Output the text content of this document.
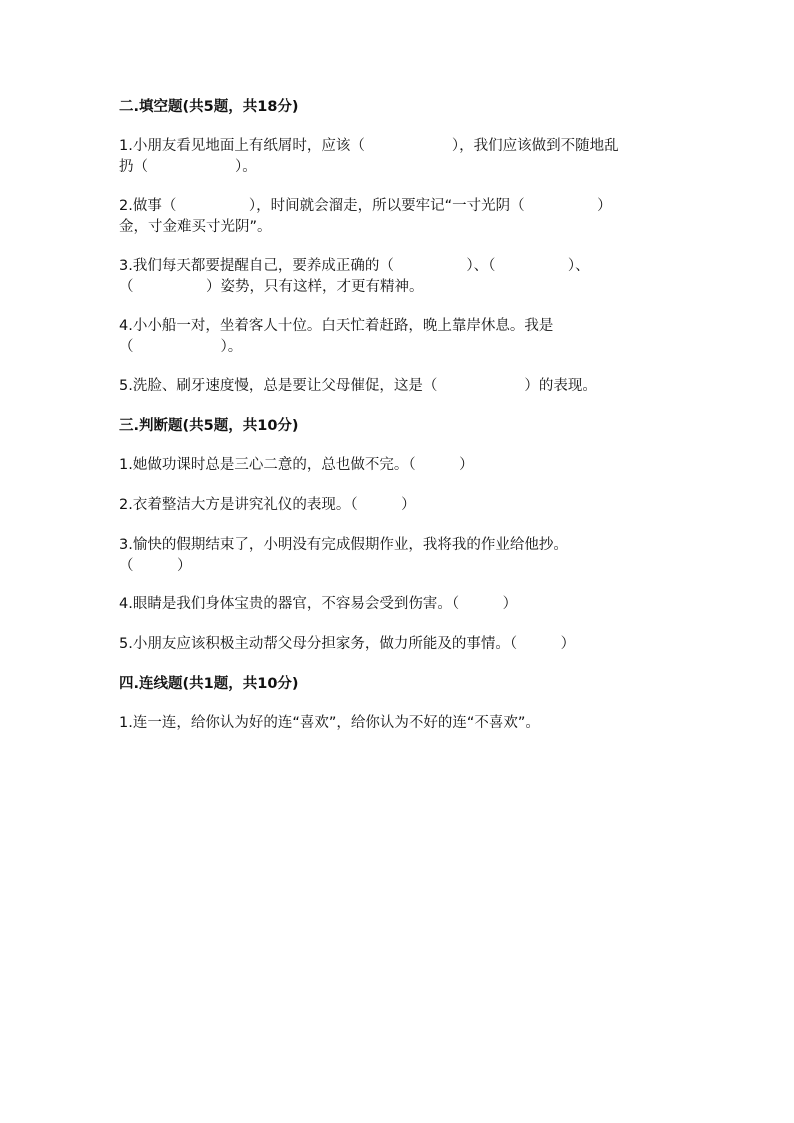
二.填空题(共5题，共18分)
1.小朋友看见地面上有纸屑时，应该（　　　　　　），我们应该做到不随地乱
扔（　　　　　　）。
2.做事（　　　　　），时间就会溜走，所以要牢记“一寸光阴（　　　　　）
金，寸金难买寸光阴”。
3.我们每天都要提醒自己，要养成正确的（　　　　　）、（　　　　　）、
（　　　　　）姿势，只有这样，才更有精神。
4.小小船一对，坐着客人十位。白天忙着赶路，晚上靠岸休息。我是
（　　　　　　）。
5.洗脸、刷牙速度慢，总是要让父母催促，这是（　　　　　　）的表现。
三.判断题(共5题，共10分)
1.她做功课时总是三心二意的，总也做不完。（　　　）
2.衣着整洁大方是讲究礼仪的表现。（　　　）
3.愉快的假期结束了，小明没有完成假期作业，我将我的作业给他抄。
（　　　）
4.眼睛是我们身体宝贵的器官，不容易会受到伤害。（　　　）
5.小朋友应该积极主动帮父母分担家务，做力所能及的事情。（　　　）
四.连线题(共1题，共10分)
1.连一连，给你认为好的连“喜欢”，给你认为不好的连“不喜欢”。
